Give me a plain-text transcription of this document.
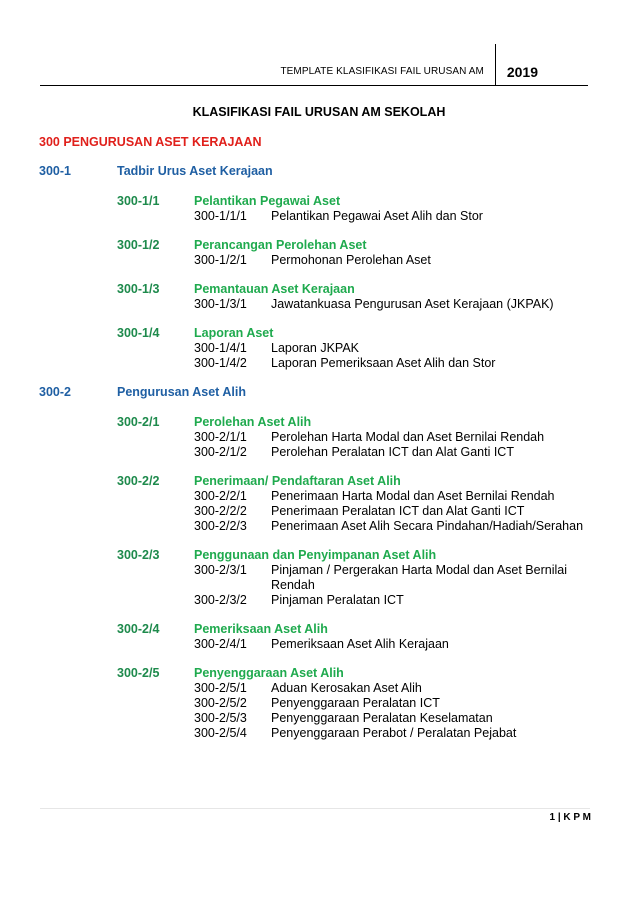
TEMPLATE KLASIFIKASI FAIL URUSAN AM 2019
KLASIFIKASI FAIL URUSAN AM SEKOLAH
300 PENGURUSAN ASET KERAJAAN
300-1	Tadbir Urus Aset Kerajaan
300-1/1	Pelantikan Pegawai Aset
300-1/1/1 Pelantikan Pegawai Aset Alih dan Stor
300-1/2	Perancangan Perolehan Aset
300-1/2/1 Permohonan Perolehan Aset
300-1/3	Pemantauan Aset Kerajaan
300-1/3/1 Jawatankuasa Pengurusan Aset Kerajaan (JKPAK)
300-1/4	Laporan Aset
300-1/4/1 Laporan JKPAK
300-1/4/2 Laporan Pemeriksaan Aset Alih dan Stor
300-2	Pengurusan Aset Alih
300-2/1	Perolehan Aset Alih
300-2/1/1 Perolehan Harta Modal dan Aset Bernilai Rendah
300-2/1/2 Perolehan Peralatan ICT dan Alat Ganti ICT
300-2/2	Penerimaan/ Pendaftaran Aset Alih
300-2/2/1 Penerimaan Harta Modal dan Aset Bernilai Rendah
300-2/2/2 Penerimaan Peralatan ICT dan Alat Ganti ICT
300-2/2/3 Penerimaan Aset Alih Secara Pindahan/Hadiah/Serahan
300-2/3	Penggunaan dan Penyimpanan Aset Alih
300-2/3/1 Pinjaman / Pergerakan Harta Modal dan Aset Bernilai Rendah
300-2/3/2 Pinjaman Peralatan ICT
300-2/4	Pemeriksaan Aset Alih
300-2/4/1 Pemeriksaan Aset Alih Kerajaan
300-2/5	Penyenggaraan Aset Alih
300-2/5/1 Aduan Kerosakan Aset Alih
300-2/5/2 Penyenggaraan Peralatan ICT
300-2/5/3 Penyenggaraan Peralatan Keselamatan
300-2/5/4 Penyenggaraan Perabot / Peralatan Pejabat
1 | K P M
